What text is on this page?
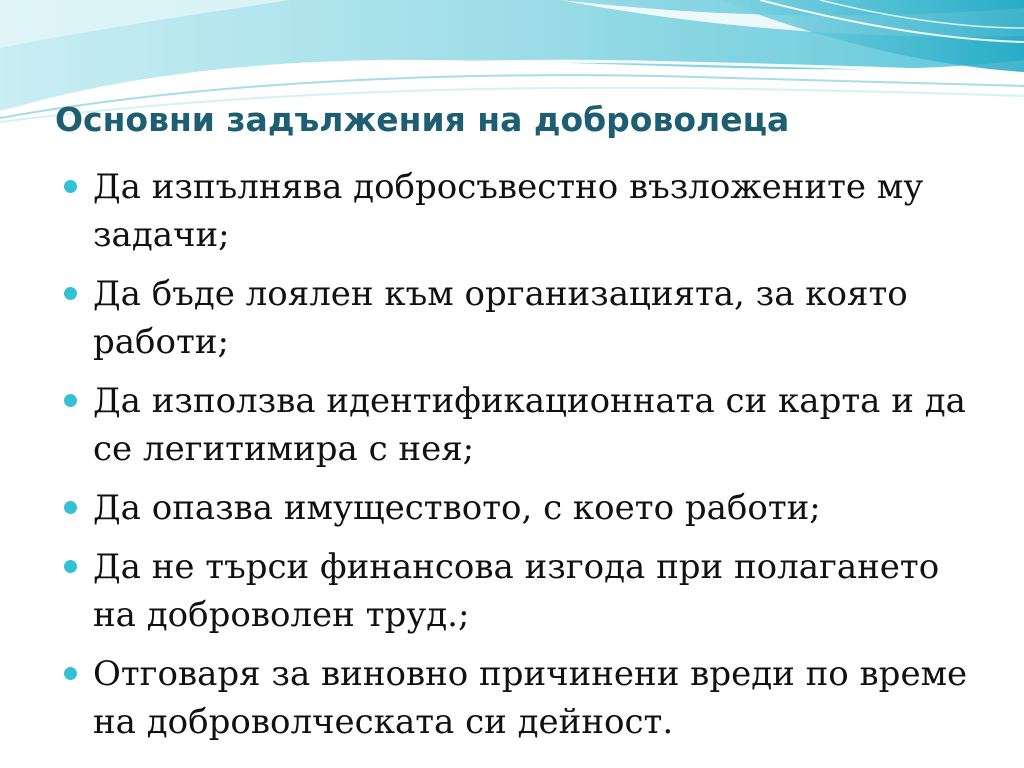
Основни задължения на доброволеца
Да изпълнява добросъвестно възложените му задачи;
Да бъде лоялен към организацията, за която работи;
Да използва идентификационната си карта и да се легитимира с нея;
Да опазва имуществото, с което работи;
Да не търси финансова изгода при полагането на доброволен труд.;
Отговаря за виновно причинени вреди по време на доброволческата си дейност.
